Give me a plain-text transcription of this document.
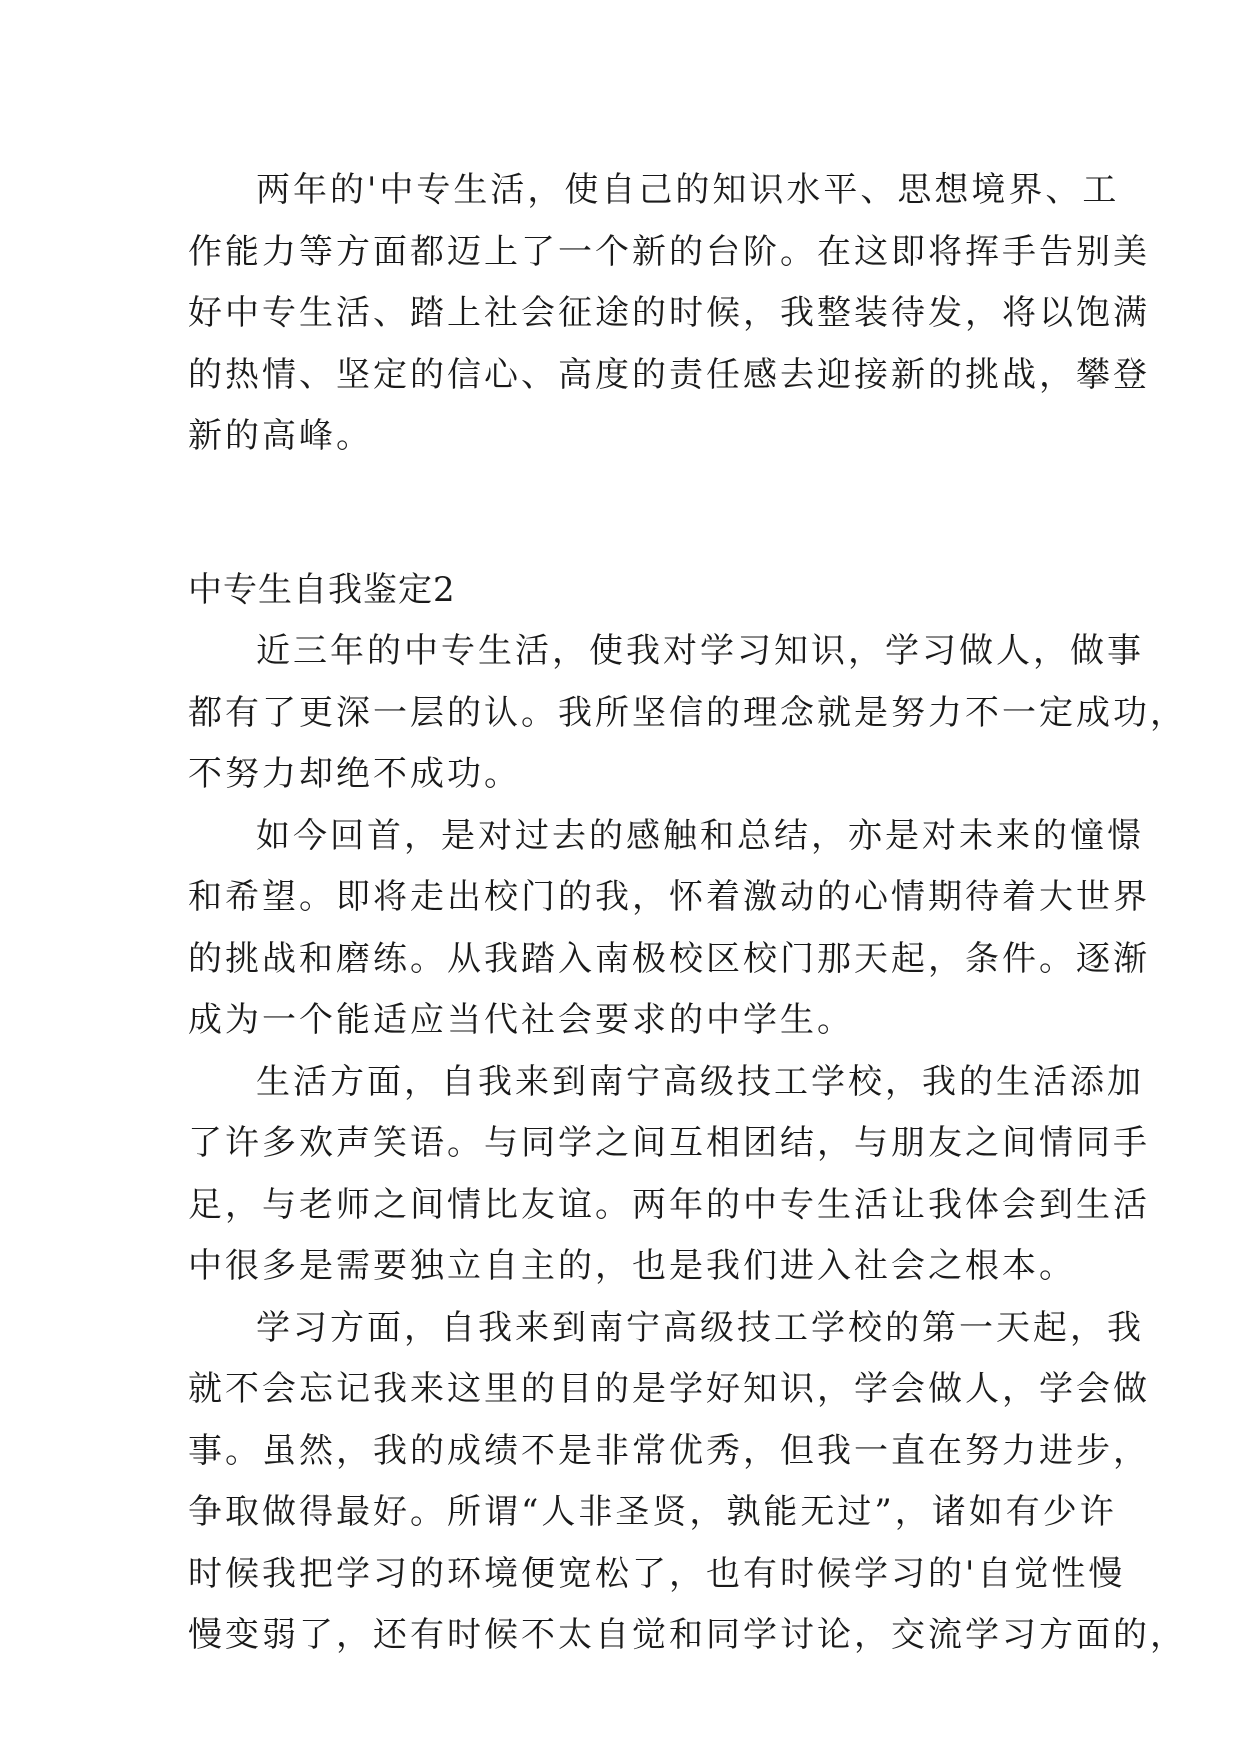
两年的'中专生活，使自己的知识水平、思想境界、工
作能力等方面都迈上了一个新的台阶。在这即将挥手告别美
好中专生活、踏上社会征途的时候，我整装待发，将以饱满
的热情、坚定的信心、高度的责任感去迎接新的挑战，攀登
新的高峰。
中专生自我鉴定2
近三年的中专生活，使我对学习知识，学习做人，做事
都有了更深一层的认。我所坚信的理念就是努力不一定成功，
不努力却绝不成功。
如今回首，是对过去的感触和总结，亦是对未来的憧憬
和希望。即将走出校门的我，怀着激动的心情期待着大世界
的挑战和磨练。从我踏入南极校区校门那天起，条件。逐渐
成为一个能适应当代社会要求的中学生。
生活方面，自我来到南宁高级技工学校，我的生活添加
了许多欢声笑语。与同学之间互相团结，与朋友之间情同手
足，与老师之间情比友谊。两年的中专生活让我体会到生活
中很多是需要独立自主的，也是我们进入社会之根本。
学习方面，自我来到南宁高级技工学校的第一天起，我
就不会忘记我来这里的目的是学好知识，学会做人，学会做
事。虽然，我的成绩不是非常优秀，但我一直在努力进步，
争取做得最好。所谓“人非圣贤，孰能无过”，诸如有少许
时候我把学习的环境便宽松了，也有时候学习的'自觉性慢
慢变弱了，还有时候不太自觉和同学讨论，交流学习方面的，
